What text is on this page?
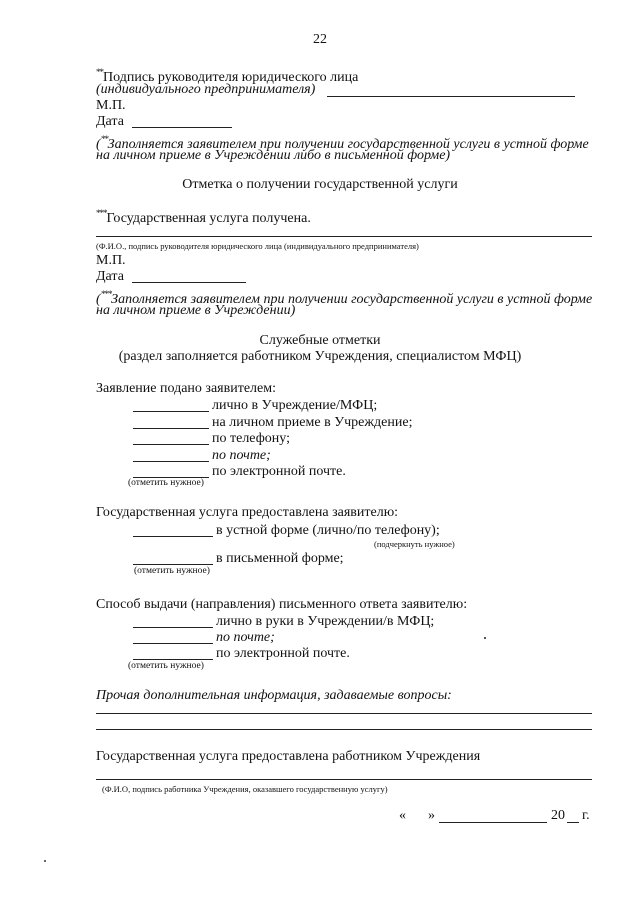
22
**Подпись руководителя юридического лица
(индивидуального предпринимателя)
М.П.
Дата
(**Заполняется заявителем при получении государственной услуги в устной форме
на личном приеме в Учреждении либо в письменной форме)
Отметка о получении государственной услуги
***Государственная услуга получена.
(Ф.И.О., подпись руководителя юридического лица (индивидуального предпринимателя)
М.П.
Дата
(***Заполняется заявителем при получении государственной услуги в устной форме
на личном приеме в Учреждении)
Служебные отметки
(раздел заполняется работником Учреждения, специалистом МФЦ)
Заявление подано заявителем:
лично в Учреждение/МФЦ;
на личном приеме в Учреждение;
по телефону;
по почте;
по электронной почте.
(отметить нужное)
Государственная услуга предоставлена заявителю:
в устной форме (лично/по телефону);
(подчеркнуть нужное)
в письменной форме;
(отметить нужное)
Способ выдачи (направления) письменного ответа заявителю:
лично в руки в Учреждении/в МФЦ;
по почте;
по электронной почте.
(отметить нужное)
Прочая дополнительная информация, задаваемые вопросы:
Государственная услуга предоставлена работником Учреждения
(Ф.И.О, подпись работника Учреждения, оказавшего государственную услугу)
« »	20 г.
